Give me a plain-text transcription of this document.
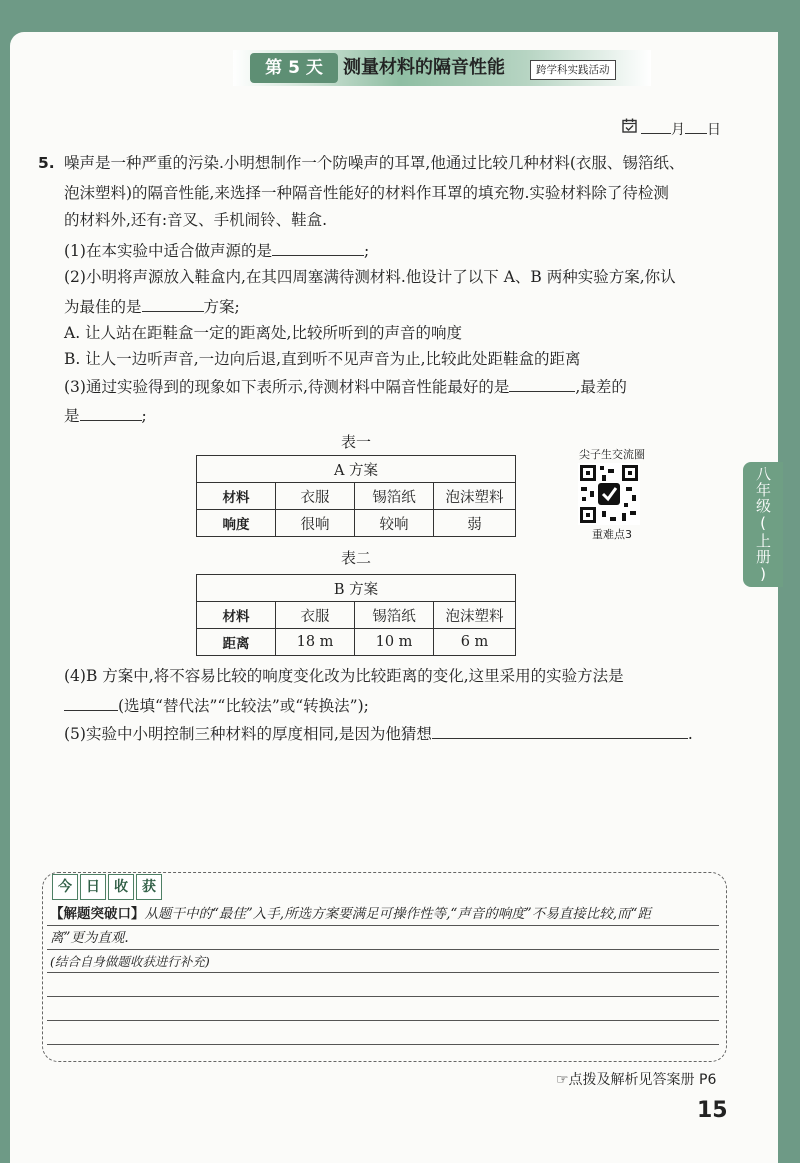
第 5 天	测量材料的隔音性能	跨学科实践活动
月 日
5. 噪声是一种严重的污染.小明想制作一个防噪声的耳罩,他通过比较几种材料(衣服、锡箔纸、
泡沫塑料)的隔音性能,来选择一种隔音性能好的材料作耳罩的填充物.实验材料除了待检测
的材料外,还有:音叉、手机闹铃、鞋盒.
(1)在本实验中适合做声源的是	;
(2)小明将声源放入鞋盒内,在其四周塞满待测材料.他设计了以下 A、B 两种实验方案,你认
为最佳的是	方案;
A. 让人站在距鞋盒一定的距离处,比较所听到的声音的响度
B. 让人一边听声音,一边向后退,直到听不见声音为止,比较此处距鞋盒的距离
(3)通过实验得到的现象如下表所示,待测材料中隔音性能最好的是	,最差的
是	;
表一
A 方案			
材料	衣服	锡箔纸	泡沫塑料
响度	很响	较响	弱
尖子生交流圈
重难点3
表二
B 方案			
材料	衣服	锡箔纸	泡沫塑料
距离	18 m	10 m	6 m
(4)B 方案中,将不容易比较的响度变化改为比较距离的变化,这里采用的实验方法是
(选填“替代法”“比较法”或“转换法”);
(5)实验中小明控制三种材料的厚度相同,是因为他猜想	.
八年级(上册)
今	日	收	获
【解题突破口】从题干中的“最佳”入手,所选方案要满足可操作性等,“声音的响度”不易直接比较,而“距
离”更为直观.
(结合自身做题收获进行补充)
☞点拨及解析见答案册 P6
15
